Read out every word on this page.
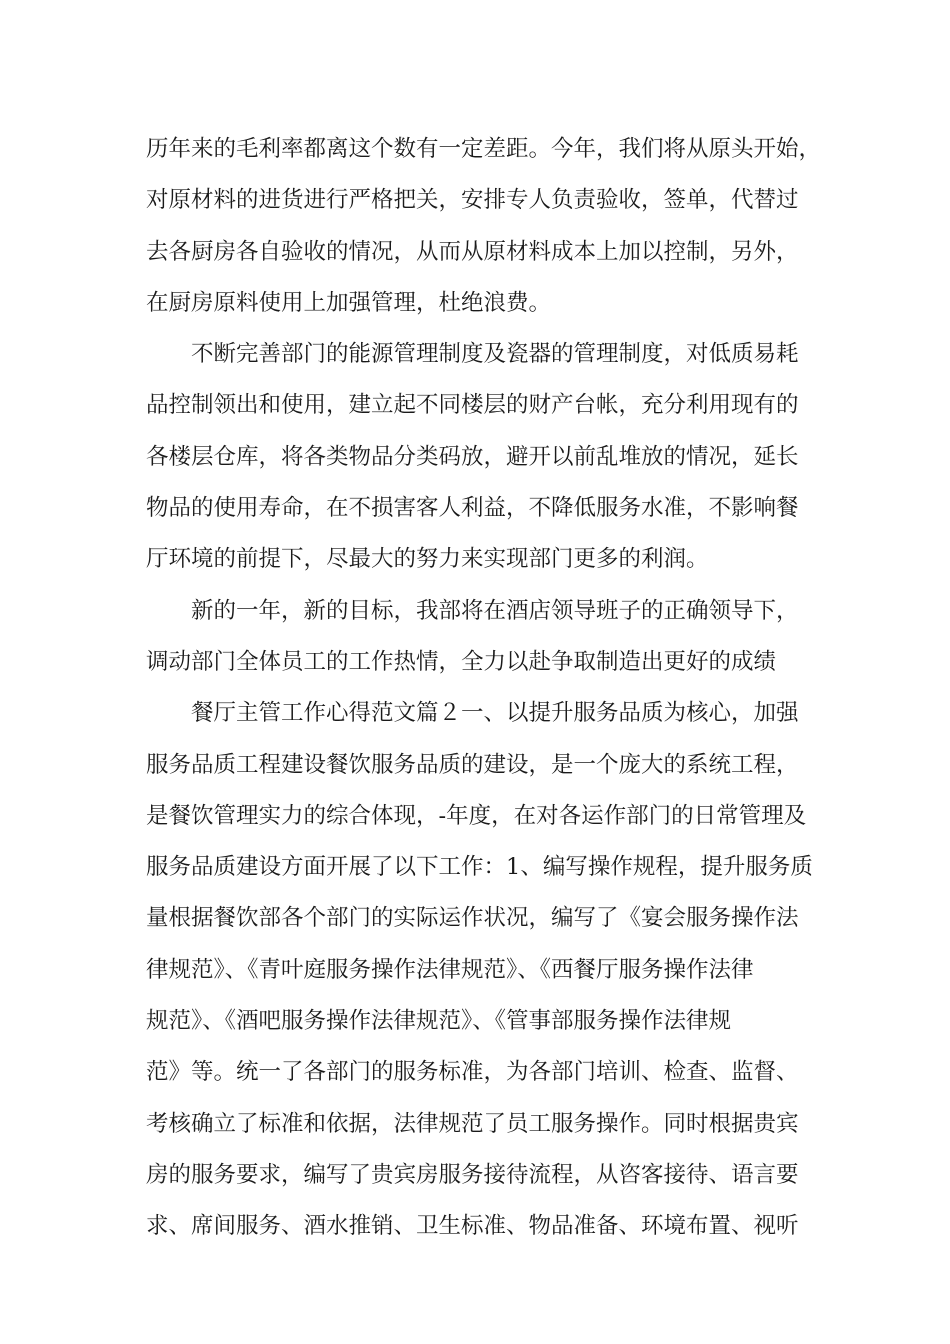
历年来的毛利率都离这个数有一定差距。今年，我们将从原头开始，
对原材料的进货进行严格把关，安排专人负责验收，签单，代替过
去各厨房各自验收的情况，从而从原材料成本上加以控制，另外，
在厨房原料使用上加强管理，杜绝浪费。
不断完善部门的能源管理制度及瓷器的管理制度，对低质易耗
品控制领出和使用，建立起不同楼层的财产台帐，充分利用现有的
各楼层仓库，将各类物品分类码放，避开以前乱堆放的情况，延长
物品的使用寿命，在不损害客人利益，不降低服务水准，不影响餐
厅环境的前提下，尽最大的努力来实现部门更多的利润。
新的一年，新的目标，我部将在酒店领导班子的正确领导下，
调动部门全体员工的工作热情，全力以赴争取制造出更好的成绩
餐厅主管工作心得范文篇２一、以提升服务品质为核心，加强
服务品质工程建设餐饮服务品质的建设，是一个庞大的系统工程，
是餐饮管理实力的综合体现，-年度，在对各运作部门的日常管理及
服务品质建设方面开展了以下工作：1、编写操作规程，提升服务质
量根据餐饮部各个部门的实际运作状况，编写了《宴会服务操作法
律规范》、《青叶庭服务操作法律规范》、《西餐厅服务操作法律
规范》、《酒吧服务操作法律规范》、《管事部服务操作法律规
范》等。统一了各部门的服务标准，为各部门培训、检查、监督、
考核确立了标准和依据，法律规范了员工服务操作。同时根据贵宾
房的服务要求，编写了贵宾房服务接待流程，从咨客接待、语言要
求、席间服务、酒水推销、卫生标准、物品准备、环境布置、视听
